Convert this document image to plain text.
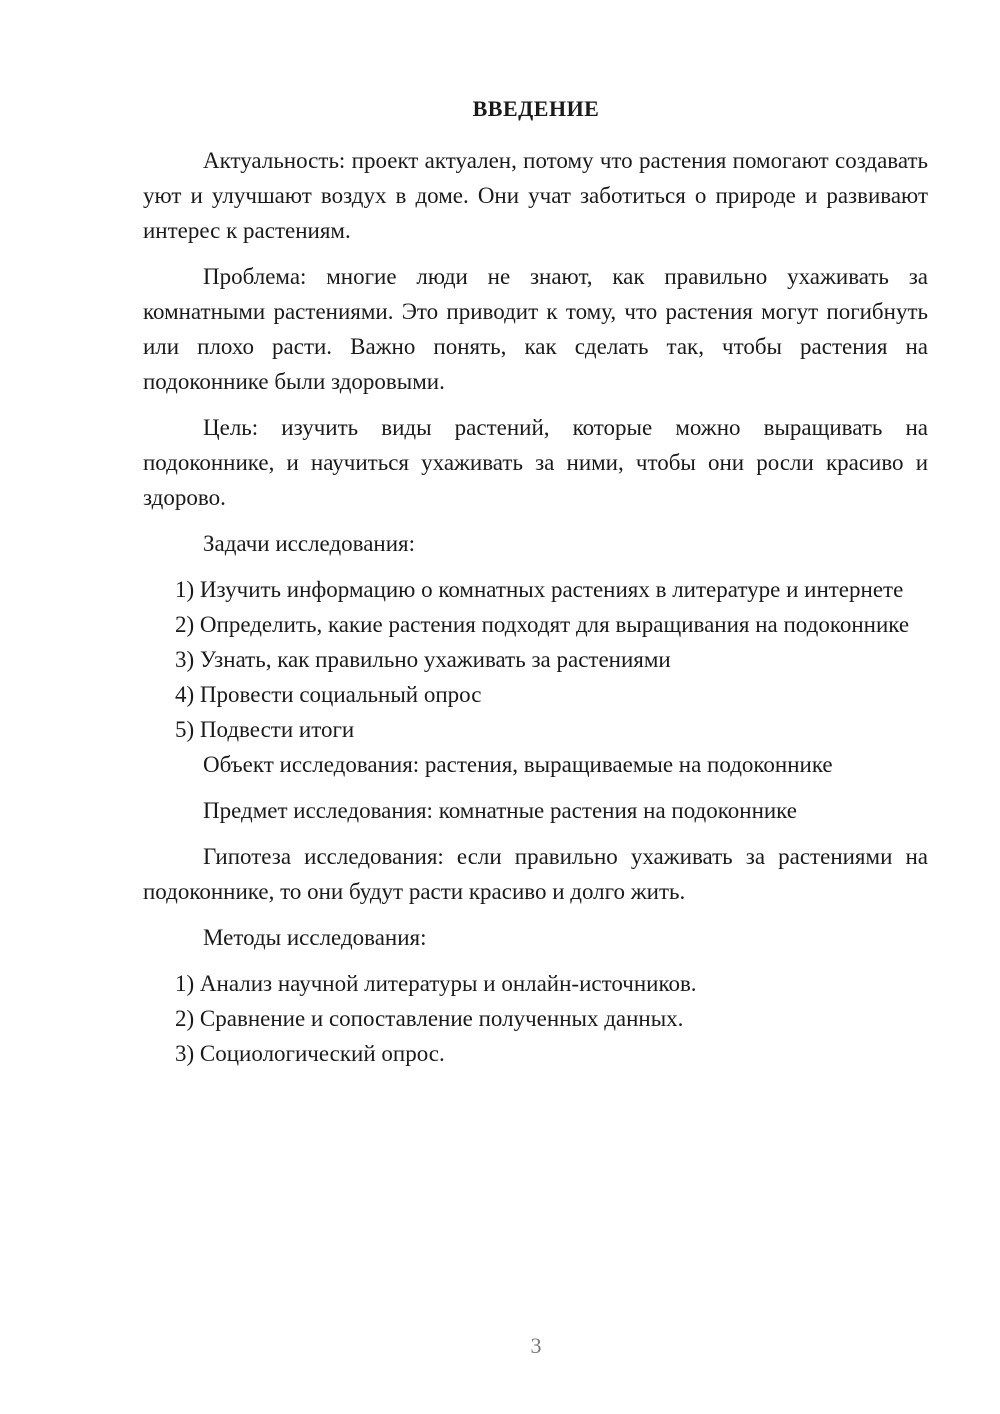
ВВЕДЕНИЕ

Актуальность: проект актуален, потому что растения помогают создавать уют и улучшают воздух в доме. Они учат заботиться о природе и развивают интерес к растениям.

Проблема: многие люди не знают, как правильно ухаживать за комнатными растениями. Это приводит к тому, что растения могут погибнуть или плохо расти. Важно понять, как сделать так, чтобы растения на подоконнике были здоровыми.

Цель: изучить виды растений, которые можно выращивать на подоконнике, и научиться ухаживать за ними, чтобы они росли красиво и здорово.

Задачи исследования:

1) Изучить информацию о комнатных растениях в литературе и интернете

2) Определить, какие растения подходят для выращивания на подоконнике

3) Узнать, как правильно ухаживать за растениями

4) Провести социальный опрос

5) Подвести итоги

Объект исследования: растения, выращиваемые на подоконнике

Предмет исследования: комнатные растения на подоконнике

Гипотеза исследования: если правильно ухаживать за растениями на подоконнике, то они будут расти красиво и долго жить.

Методы исследования:

1) Анализ научной литературы и онлайн-источников.

2) Сравнение и сопоставление полученных данных.

3) Социологический опрос.

3
